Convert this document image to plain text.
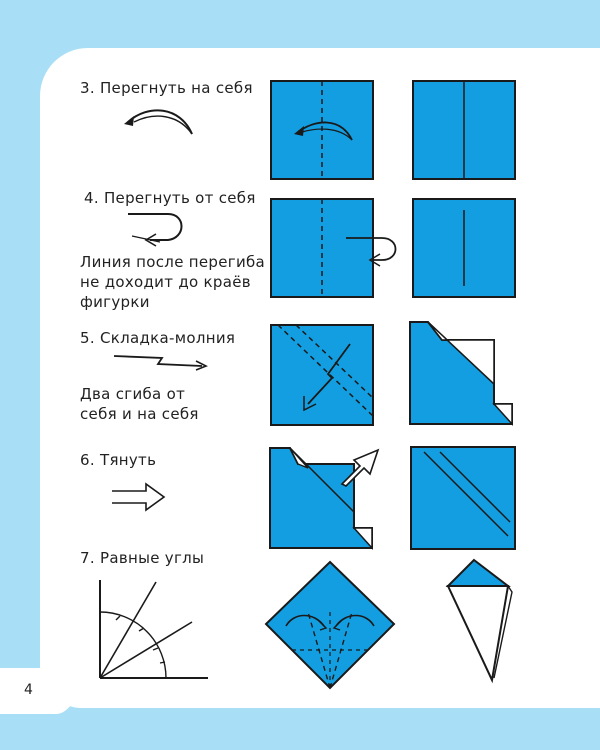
3. Перегнуть на себя
4. Перегнуть от себя
Линия после перегиба
не доходит до краёв
фигурки
5. Складка-молния
Два сгиба от
себя и на себя
6. Тянуть
7. Равные углы
4
